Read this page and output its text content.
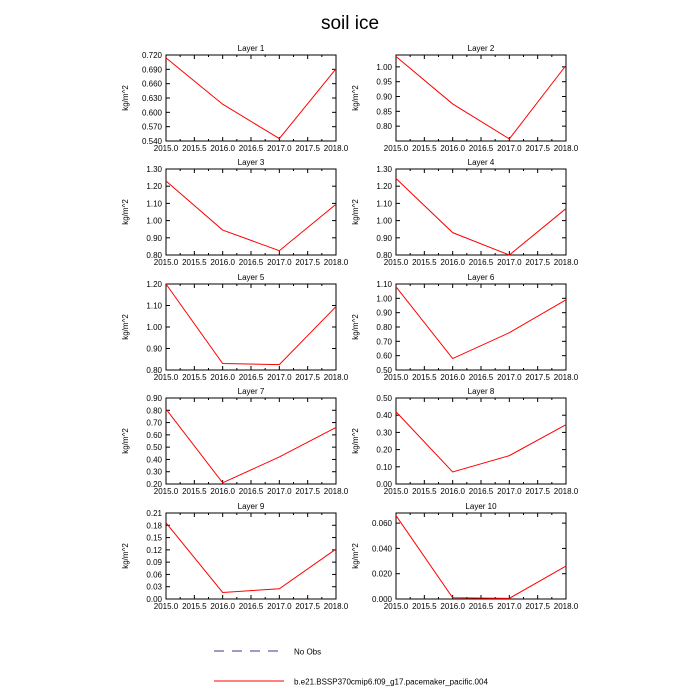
soil ice
Layer 1
kg/m^2
2015.0 2015.5 2016.0 2016.5 2017.0 2017.5 2018.0
0.540
0.570
0.600
0.630
0.660
0.690
0.720
Layer 2
kg/m^2
2015.0 2015.5 2016.0 2016.5 2017.0 2017.5 2018.0
0.80
0.85
0.90
0.95
1.00
Layer 3
kg/m^2
2015.0 2015.5 2016.0 2016.5 2017.0 2017.5 2018.0
0.80
0.90
1.00
1.10
1.20
1.30
Layer 4
kg/m^2
2015.0 2015.5 2016.0 2016.5 2017.0 2017.5 2018.0
0.80
0.90
1.00
1.10
1.20
1.30
Layer 5
kg/m^2
2015.0 2015.5 2016.0 2016.5 2017.0 2017.5 2018.0
0.80
0.90
1.00
1.10
1.20
Layer 6
kg/m^2
2015.0 2015.5 2016.0 2016.5 2017.0 2017.5 2018.0
0.50
0.60
0.70
0.80
0.90
1.00
1.10
Layer 7
kg/m^2
2015.0 2015.5 2016.0 2016.5 2017.0 2017.5 2018.0
0.20
0.30
0.40
0.50
0.60
0.70
0.80
0.90
Layer 8
kg/m^2
2015.0 2015.5 2016.0 2016.5 2017.0 2017.5 2018.0
0.00
0.10
0.20
0.30
0.40
0.50
Layer 9
kg/m^2
2015.0 2015.5 2016.0 2016.5 2017.0 2017.5 2018.0
0.00
0.03
0.06
0.09
0.12
0.15
0.18
0.21
Layer 10
kg/m^2
2015.0 2015.5 2016.0 2016.5 2017.0 2017.5 2018.0
0.000
0.020
0.040
0.060
No Obs
b.e21.BSSP370cmip6.f09_g17.pacemaker_pacific.004
